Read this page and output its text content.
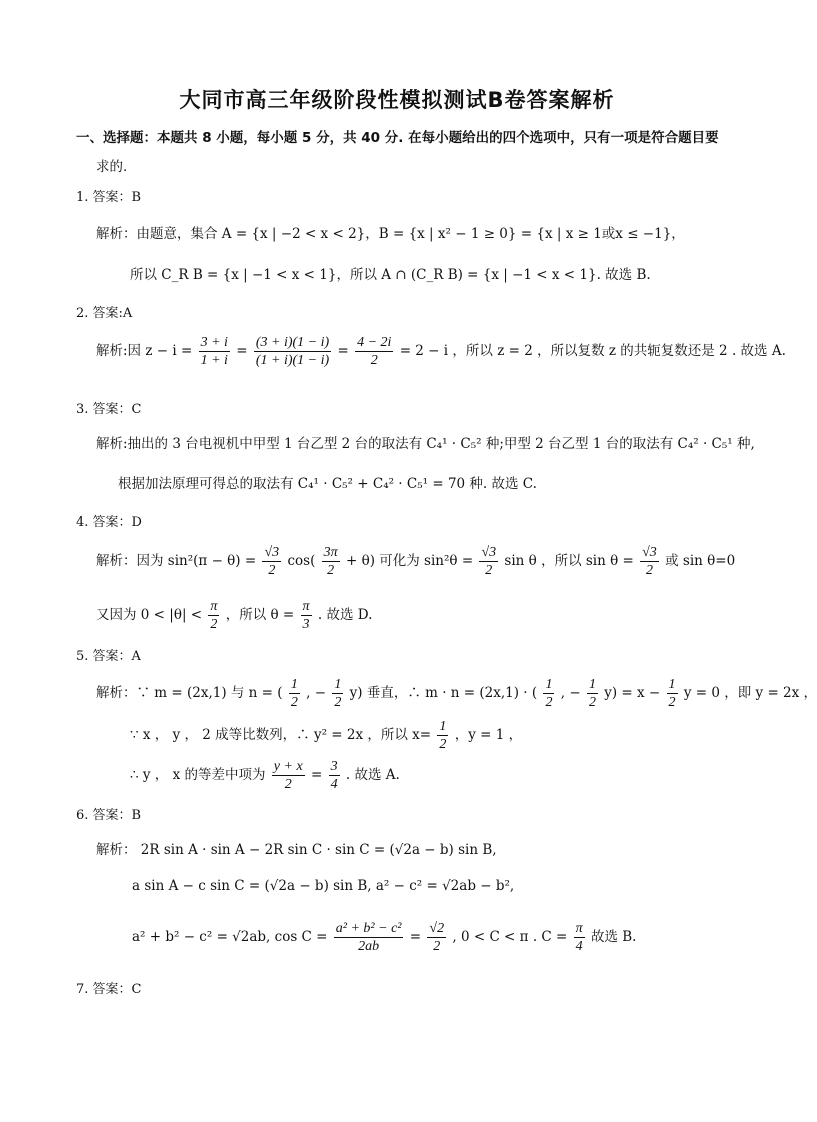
大同市高三年级阶段性模拟测试B卷答案解析
一、选择题：本题共 8 小题，每小题 5 分，共 40 分. 在每小题给出的四个选项中，只有一项是符合题目要
求的.
1. 答案：B
解析：由题意，集合 A = {x | −2 < x < 2}，B = {x | x² − 1 ≥ 0} = {x | x ≥ 1或x ≤ −1}，
所以 C_R B = {x | −1 < x < 1}，所以 A ∩ (C_R B) = {x | −1 < x < 1}. 故选 B.
2. 答案:A
解析:因 $z - i = \frac{3 + i}{1 + i} = \frac{(3 + i)(1 - i)}{(1 + i)(1 - i)} = \frac{4 - 2i}{2} = 2 - i$ ，所以 z = 2 ，所以复数 z 的共轭复数还是 2 . 故选 A.
3. 答案：C
解析:抽出的 3 台电视机中甲型 1 台乙型 2 台的取法有 C₄¹ · C₅² 种;甲型 2 台乙型 1 台的取法有 C₄² · C₅¹ 种,
根据加法原理可得总的取法有 C₄¹ · C₅² + C₄² · C₅¹ = 70 种. 故选 C.
4. 答案：D
解析：因为 $\sin^2(\pi - \theta) = \frac{√3}{2} \cos( \frac{3\pi}{2} + \theta)$ 可化为 $\sin^2\theta = \frac{√3}{2}$ sin θ ，所以 $\sin \theta = \frac{√3}{2}$ 或 sin θ=0
又因为 $0 < |\theta| < \frac{\pi}{2}$ ，所以 $\theta = \frac{\pi}{3}$ . 故选 D.
5. 答案：A
解析：∵ m = (2x,1) 与 n = ( $\frac{1}{2}$ , − $\frac{1}{2} y$) 垂直，∴ m · n = (2x,1) · ( $\frac{1}{2}$ , − $\frac{1}{2} y) = x - \frac{1}{2}$ y = 0 ，即 y = 2x ，
∵ x ， y ， 2 成等比数列，∴ y² = 2x ，所以 $x= \frac{1}{2}$ ，y = 1 ，
∴ y ， x 的等差中项为 $\frac{y + x}{2} = \frac{3}{4}$ . 故选 A.
6. 答案：B
解析： 2R sin A · sin A − 2R sin C · sin C = (√2a − b) sin B,
a sin A − c sin C = (√2a − b) sin B, a² − c² = √2ab − b²,
a² + b² − c² = √2ab, $\cos C = \frac{\text{a² + b² − c²}}{2ab} = \frac{√2}{2}$ , 0 < C < π . $C = \frac{\pi}{4}$ 故选 B.
7. 答案：C
